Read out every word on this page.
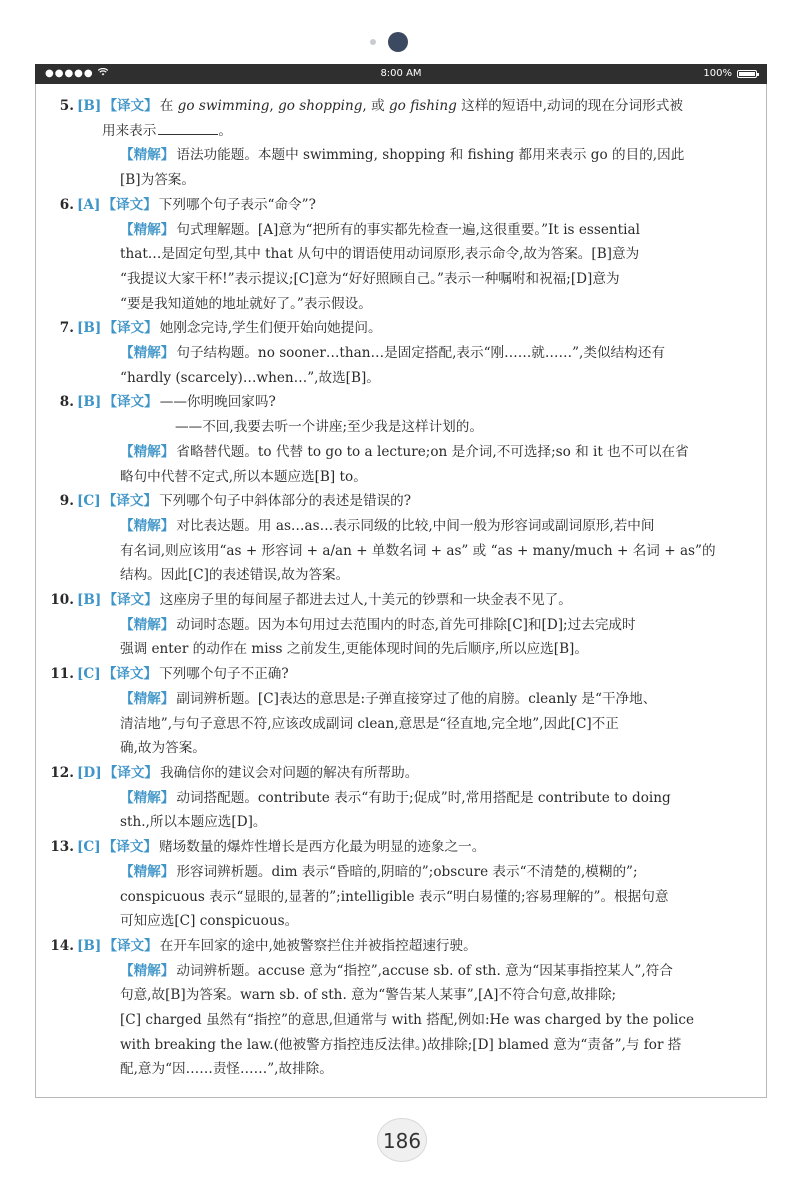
●●●●●	8:00 AM	100%
5. [B] 【译文】 在 go swimming, go shopping, 或 go fishing 这样的短语中,动词的现在分词形式被
用来表示	。
【精解】 语法功能题。本题中 swimming, shopping 和 fishing 都用来表示 go 的目的,因此
[B]为答案。
6. [A] 【译文】 下列哪个句子表示“命令”?
【精解】 句式理解题。[A]意为“把所有的事实都先检查一遍,这很重要。”It is essential
that…是固定句型,其中 that 从句中的谓语使用动词原形,表示命令,故为答案。[B]意为
“我提议大家干杯!”表示提议;[C]意为“好好照顾自己。”表示一种嘱咐和祝福;[D]意为
“要是我知道她的地址就好了。”表示假设。
7. [B] 【译文】 她刚念完诗,学生们便开始向她提问。
【精解】 句子结构题。no sooner…than…是固定搭配,表示“刚……就……”,类似结构还有
“hardly (scarcely)…when…”,故选[B]。
8. [B] 【译文】 ——你明晚回家吗?
——不回,我要去听一个讲座;至少我是这样计划的。
【精解】 省略替代题。to 代替 to go to a lecture;on 是介词,不可选择;so 和 it 也不可以在省
略句中代替不定式,所以本题应选[B] to。
9. [C] 【译文】 下列哪个句子中斜体部分的表述是错误的?
【精解】 对比表达题。用 as…as…表示同级的比较,中间一般为形容词或副词原形,若中间
有名词,则应该用“as + 形容词 + a/an + 单数名词 + as” 或 “as + many/much + 名词 + as”的
结构。因此[C]的表述错误,故为答案。
10. [B] 【译文】 这座房子里的每间屋子都进去过人,十美元的钞票和一块金表不见了。
【精解】 动词时态题。因为本句用过去范围内的时态,首先可排除[C]和[D];过去完成时
强调 enter 的动作在 miss 之前发生,更能体现时间的先后顺序,所以应选[B]。
11. [C] 【译文】 下列哪个句子不正确?
【精解】 副词辨析题。[C]表达的意思是:子弹直接穿过了他的肩膀。cleanly 是“干净地、
清洁地”,与句子意思不符,应该改成副词 clean,意思是“径直地,完全地”,因此[C]不正
确,故为答案。
12. [D] 【译文】 我确信你的建议会对问题的解决有所帮助。
【精解】 动词搭配题。contribute 表示“有助于;促成”时,常用搭配是 contribute to doing
sth.,所以本题应选[D]。
13. [C] 【译文】 赌场数量的爆炸性增长是西方化最为明显的迹象之一。
【精解】 形容词辨析题。dim 表示“昏暗的,阴暗的”;obscure 表示“不清楚的,模糊的”;
conspicuous 表示“显眼的,显著的”;intelligible 表示“明白易懂的;容易理解的”。根据句意
可知应选[C] conspicuous。
14. [B] 【译文】 在开车回家的途中,她被警察拦住并被指控超速行驶。
【精解】 动词辨析题。accuse 意为“指控”,accuse sb. of sth. 意为“因某事指控某人”,符合
句意,故[B]为答案。warn sb. of sth. 意为“警告某人某事”,[A]不符合句意,故排除;
[C] charged 虽然有“指控”的意思,但通常与 with 搭配,例如:He was charged by the police
with breaking the law.(他被警方指控违反法律。)故排除;[D] blamed 意为“责备”,与 for 搭
配,意为“因……责怪……”,故排除。
186
